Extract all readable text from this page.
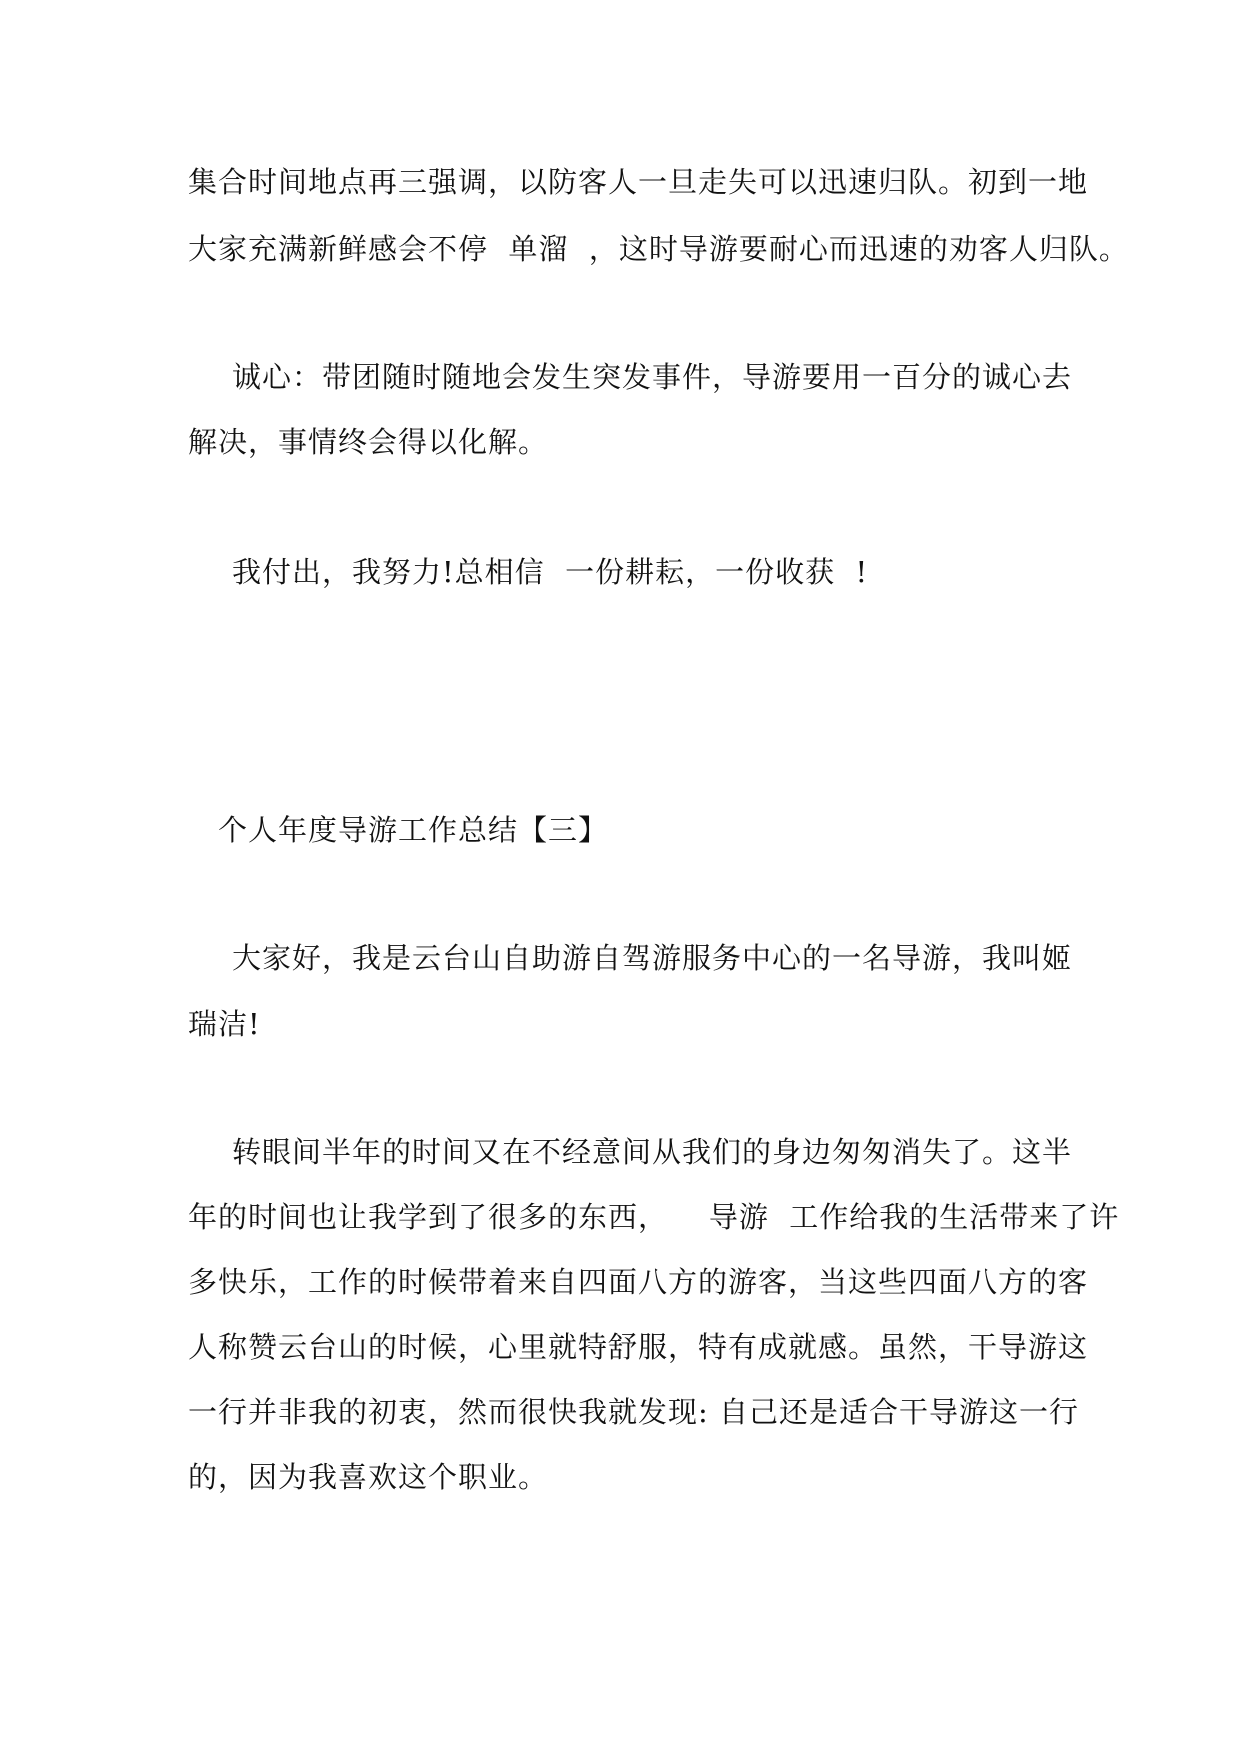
集合时间地点再三强调，以防客人一旦走失可以迅速归队。初到一地
大家充满新鲜感会不停  单溜  ，这时导游要耐心而迅速的劝客人归队。
诚心：带团随时随地会发生突发事件，导游要用一百分的诚心去
解决，事情终会得以化解。
我付出，我努力!总相信  一份耕耘，一份收获  !
个人年度导游工作总结【三】
大家好，我是云台山自助游自驾游服务中心的一名导游，我叫姬
瑞洁!
转眼间半年的时间又在不经意间从我们的身边匆匆消失了。这半
年的时间也让我学到了很多的东西，    导游  工作给我的生活带来了许
多快乐，工作的时候带着来自四面八方的游客，当这些四面八方的客
人称赞云台山的时候，心里就特舒服，特有成就感。虽然，干导游这
一行并非我的初衷，然而很快我就发现: 自己还是适合干导游这一行
的，因为我喜欢这个职业。
